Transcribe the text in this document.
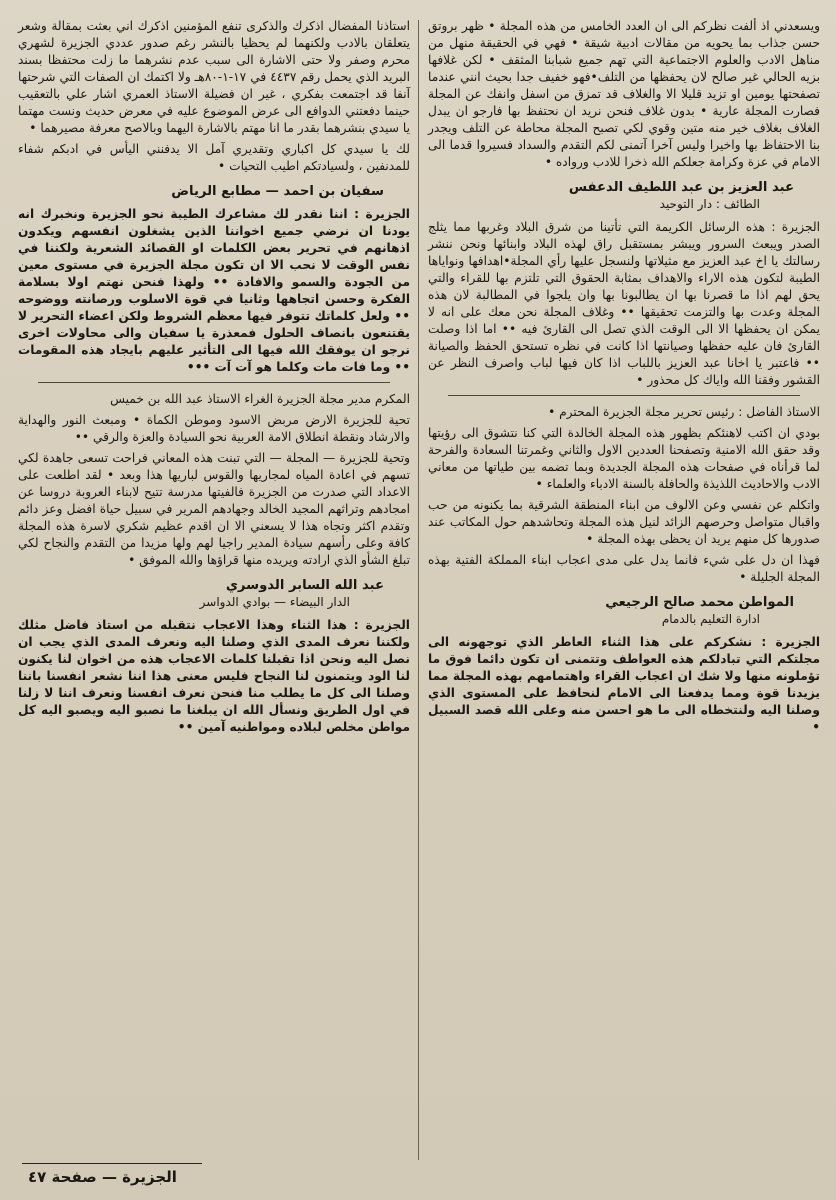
ويسعدني اذ ألفت نظركم الى ان العدد الخامس من هذه المجلة • ظهر بروتق حسن جذاب بما يحويه من مقالات ادبية شيقة • فهي في الحقيقة منهل من مناهل الادب والعلوم الاجتماعية التي تهم جميع شبابنا المثقف • لكن غلافها بزيه الحالي غير صالح لان يحفظها من التلف•فهو خفيف جدا بحيث انني عندما تصفحتها يومين او تزيد قليلا الا والغلاف قد تمزق من اسفل وانفك عن المجلة فصارت المجلة عارية • بدون غلاف فنحن نريد ان نحتفظ بها فارجو ان يبدل الغلاف بغلاف خير منه متين وقوي لكي تصبح المجلة محاطة عن التلف ويجدر بنا الاحتفاظ بها واخيرا وليس آخرا آتمنى لكم التقدم والسداد فسيروا قدما الى الامام في عزة وكرامة جعلكم الله ذخرا للادب ورواده •

عبد العزيز بن عبد اللطيف الدعفس
الطائف : دار التوحيد

الجزيرة : هذه الرسائل الكريمة التي تأتينا من شرق البلاد وغربها مما يثلج الصدر ويبعث السرور ويبشر بمستقبل راق لهذه البلاد وابنائها ونحن ننشر رسالتك يا اخ عبد العزيز مع مثيلاتها ولنسجل عليها رأي المجلة•اهدافها ونواياها الطيبة لتكون هذه الاراء والاهداف بمثابة الحقوق التي تلتزم بها للقراء والتي يحق لهم اذا ما قصرنا بها ان يطالبونا بها وان يلجوا في المطالبة لان هذه المجلة وعدت بها والتزمت تحقيقها •• وغلاف المجلة نحن معك على انه لا يمكن ان يحفظها الا الى الوقت الذي تصل الى القارئ فيه •• اما اذا وصلت القارئ فان عليه حفظها وصيانتها اذا كانت في نظره تستحق الحفظ والصيانة •• فاعتبر يا اخانا عبد العزيز باللباب اذا كان فيها لباب واصرف النظر عن القشور وفقنا الله واياك كل محذور •

الاستاذ الفاضل : رئيس تحرير مجلة الجزيرة المحترم •

بودي ان اكتب لاهنئكم بظهور هذه المجلة الخالدة التي كنا نتشوق الى رؤيتها وقد حقق الله الامنية وتصفحنا العددين الاول والثاني وغمرتنا السعادة والفرحة لما قرأناه في صفحات هذه المجلة الجديدة وبما تضمه بين طياتها من معاني الادب والاحاديث اللذيذة والحافلة بالسنة الادباء والعلماء •

واتكلم عن نفسي وعن الالوف من ابناء المنطقة الشرقية بما يكنونه من حب واقبال متواصل وحرصهم الزائد لنيل هذه المجلة وتحاشدهم حول المكاتب عند صدورها كل منهم يريد ان يحظى بهذه المجلة •

فهذا ان دل على شيء فانما يدل على مدى اعجاب ابناء المملكة الفتية بهذه المجلة الجليلة •

المواطن محمد صالح الرجيعي
ادارة التعليم بالدمام

الجزيرة : نشكركم على هذا الثناء العاطر الذي توجهونه الى مجلتكم التي تبادلكم هذه العواطف وتتمنى ان تكون دائما فوق ما تؤملونه منها ولا شك ان اعجاب القراء واهتمامهم بهذه المجلة مما يزيدنا قوة ومما يدفعنا الى الامام لنحافظ على المستوى الذي وصلنا اليه ولنتخطاه الى ما هو احسن منه وعلى الله قصد السبيل •

استاذنا المفضال اذكرك والذكرى تنفع المؤمنين اذكرك اني بعثت بمقالة وشعر يتعلقان بالادب ولكنهما لم يحظيا بالنشر رغم صدور عددي الجزيرة لشهري محرم وصفر ولا حتى الاشارة الى سبب عدم نشرهما ما زلت محتفظا بسند البريد الذي يحمل رقم ٤٤٣٧ في ١٧-١-٨٠هـ ولا اكتمك ان الصفات التي شرحتها آنفا قد اجتمعت بفكري ، غير ان فضيلة الاستاذ العمري اشار علي بالتعقيب حينما دفعتني الدوافع الى عرض الموضوع عليه في معرض حديث ونست مهتما يا سيدي بنشرهما بقدر ما انا مهتم بالاشارة اليهما وبالاصح معرفة مصيرهما •

لك يا سيدي كل اكباري وتقديري آمل الا يدفنني اليأس في ادبكم شفاء للمدنفين ، ولسيادتكم اطيب التحيات •

سفيان بن احمد — مطابع الرياض

الجزيرة : اننا نقدر لك مشاعرك الطيبة نحو الجزيرة ونخبرك انه يودنا ان نرضي جميع اخواننا الذين يشغلون انفسهم ويكدون اذهانهم في تحرير بعض الكلمات او القصائد الشعرية ولكننا في نفس الوقت لا نحب الا ان تكون مجلة الجزيرة في مستوى معين من الجودة والسمو والافادة •• ولهذا فنحن نهتم اولا بسلامة الفكرة وحسن اتجاهها وثانيا في قوة الاسلوب ورصانته ووضوحه •• ولعل كلماتك تتوفر فيها معظم الشروط ولكن اعضاء التحرير لا يقتنعون بانصاف الحلول فمعذرة يا سفيان والى محاولات اخرى نرجو ان يوفقك الله فيها الى التأثير عليهم بايجاد هذه المقومات •• وما فات مات وكلما هو آت آت •••

المكرم مدير مجلة الجزيرة الغراء الاستاذ عبد الله بن خميس

تحية للجزيرة الارض مربض الاسود وموطن الكماة • ومبعث النور والهداية والارشاد ونقطة انطلاق الامة العربية نحو السيادة والعزة والرقي ••

وتحية للجزيرة — المجلة — التي تبنت هذه المعاني فراحت تسعى جاهدة لكي تسهم في اعادة المياه لمجاريها والقوس لباريها هذا وبعد • لقد اطلعت على الاعداد التي صدرت من الجزيرة فالفيتها مدرسة تتيح لابناء العروبة دروسا عن امجادهم وتراثهم المجيد الخالد وجهادهم المرير في سبيل حياة افضل وعز دائم وتقدم اكثر وتجاه هذا لا يسعني الا ان اقدم عظيم شكري لاسرة هذه المجلة كافة وعلى رأسهم سيادة المدير راجيا لهم ولها مزيدا من التقدم والنجاح لكي تبلغ الشأو الذي ارادته ويريده منها قراؤها والله الموفق •

عبد الله السابر الدوسري
الدار البيضاء — بوادي الدواسر

الجزيرة : هذا الثناء وهذا الاعجاب نتقبله من استاذ فاضل مثلك ولكننا نعرف المدى الذي وصلنا اليه ونعرف المدى الذي يجب ان نصل اليه ونحن اذا تقبلنا كلمات الاعجاب هذه من اخوان لنا يكنون لنا الود ويتمنون لنا النجاح فليس معنى هذا اننا نشعر انفسنا باننا وصلنا الى كل ما يطلب منا فنحن نعرف انفسنا ونعرف اننا لا زلنا في اول الطريق ونسأل الله ان يبلغنا ما نصبو اليه ويصبو اليه كل مواطن مخلص لبلاده ومواطنيه آمين ••

الجزيرة — صفحة ٤٧
